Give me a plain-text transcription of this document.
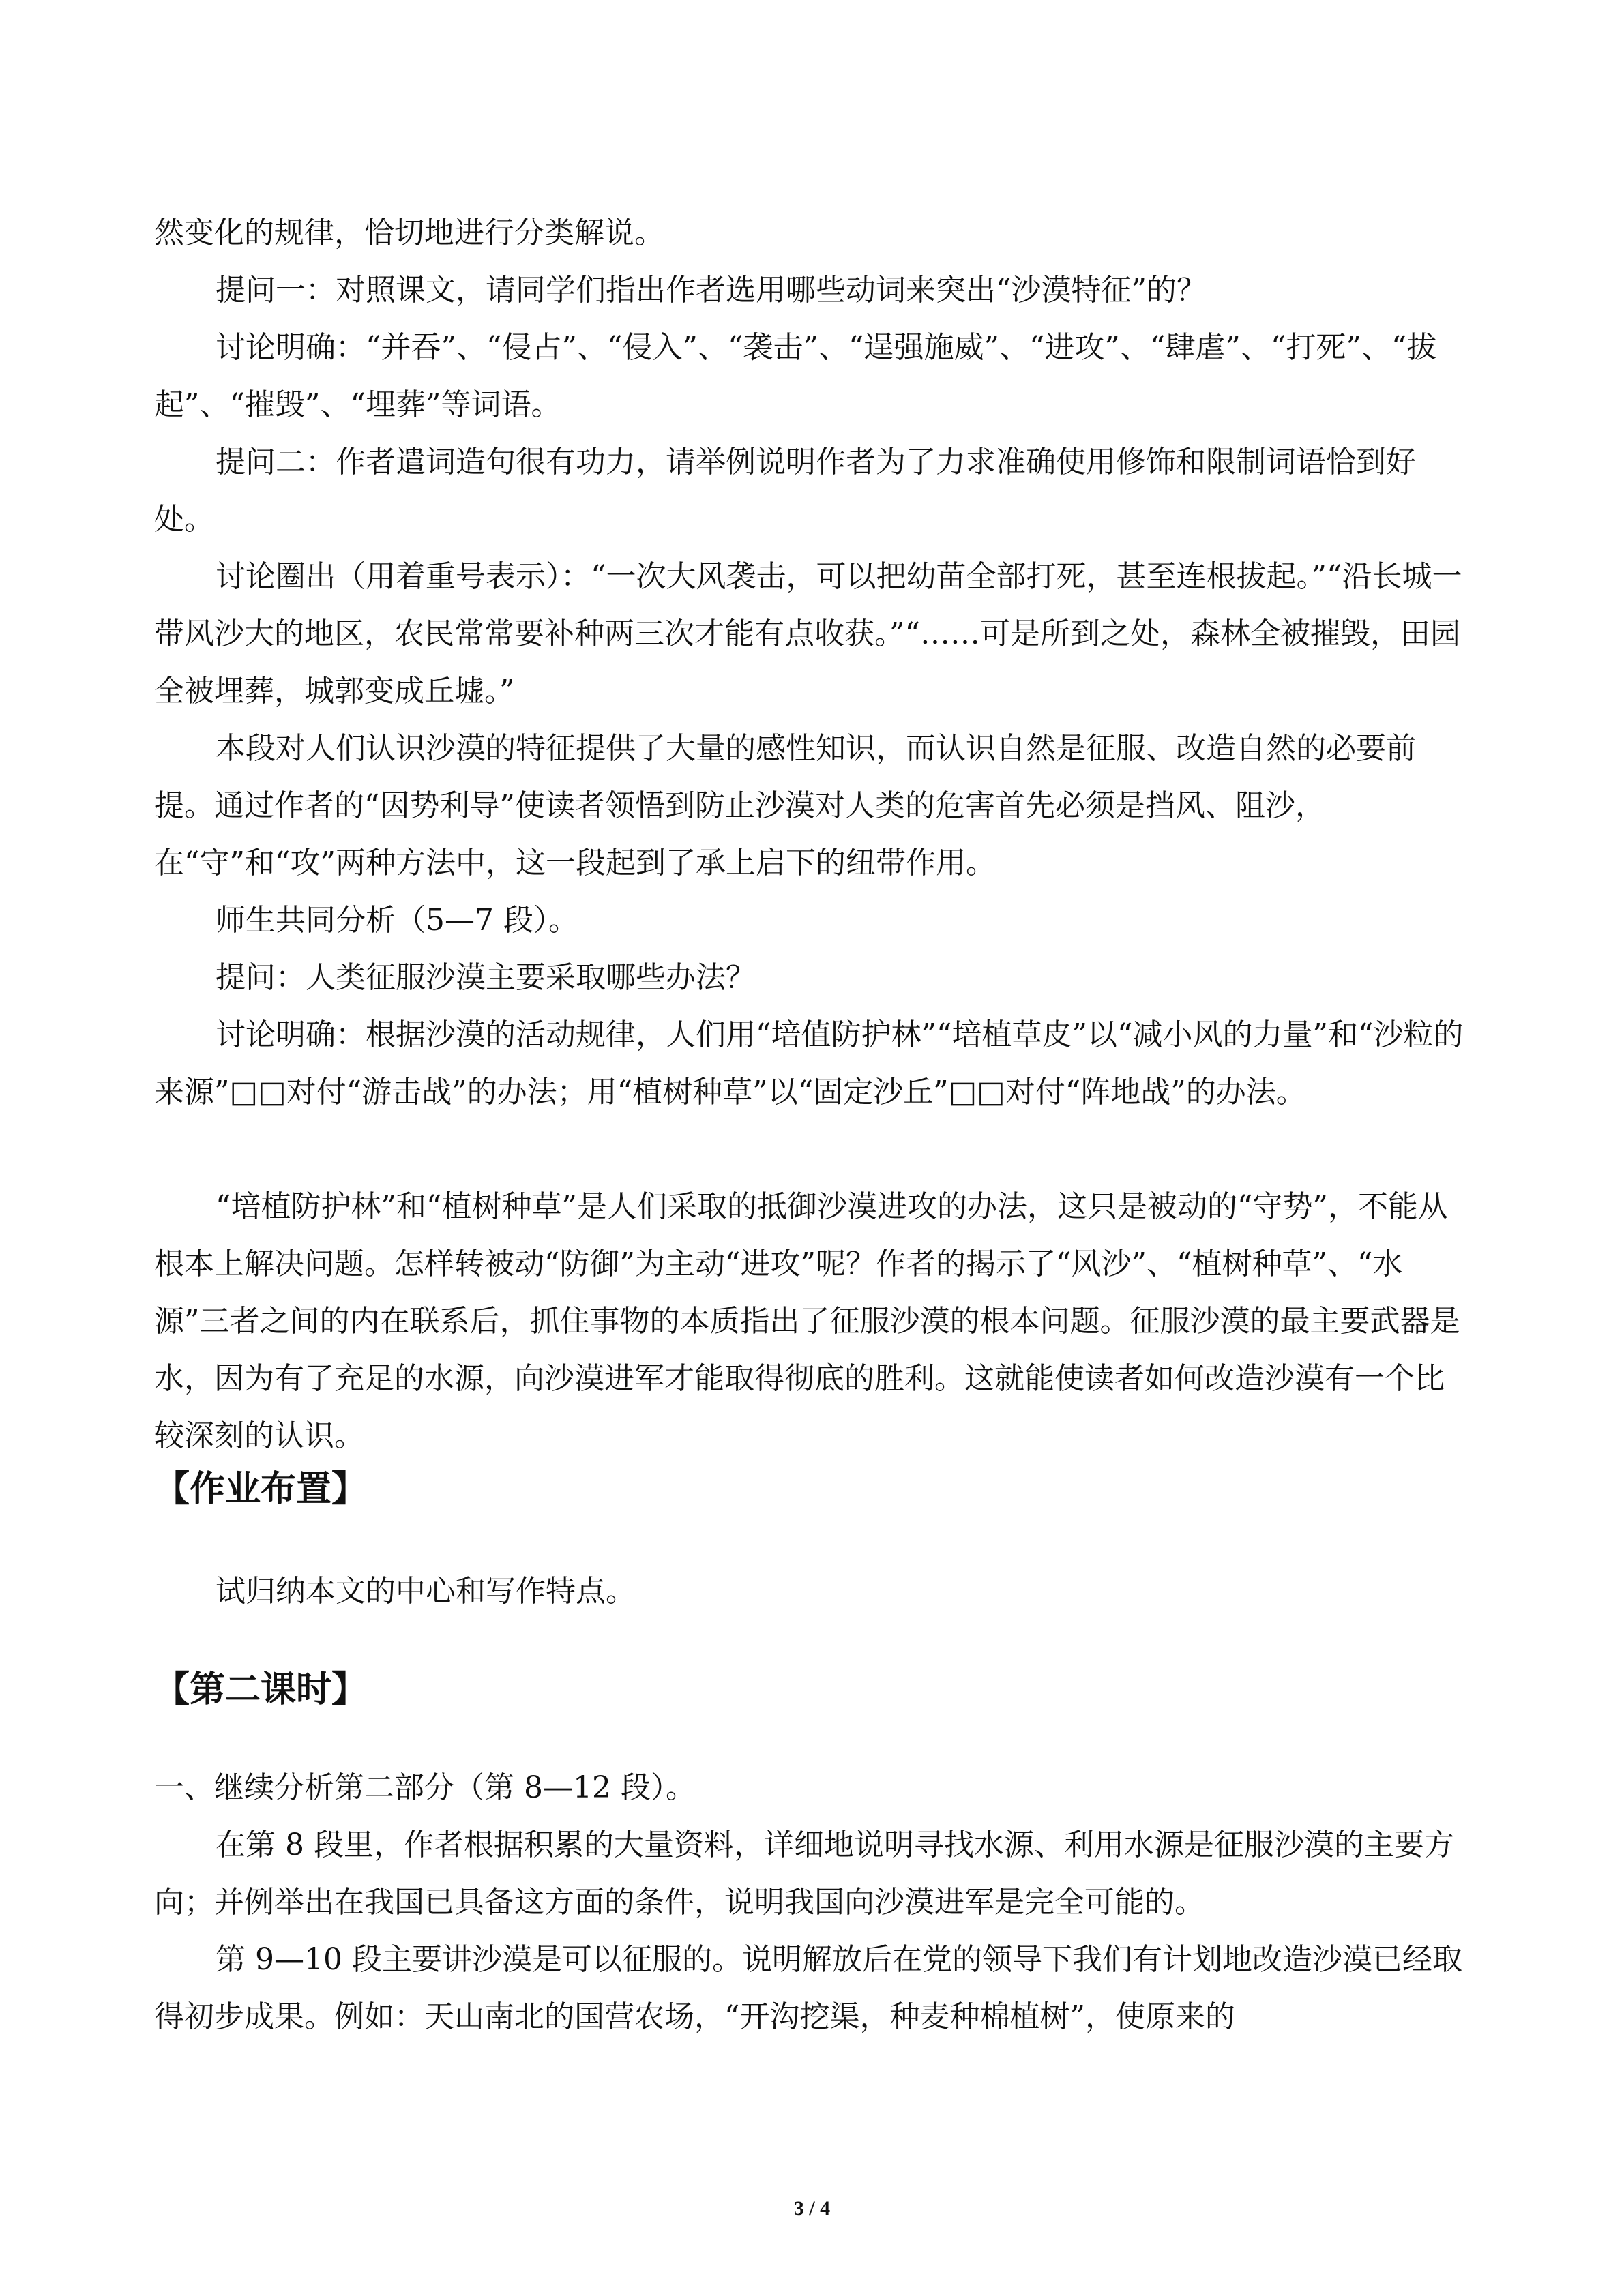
然变化的规律，恰切地进行分类解说。

提问一：对照课文，请同学们指出作者选用哪些动词来突出“沙漠特征”的？

讨论明确：“并吞”、“侵占”、“侵入”、“袭击”、“逞强施威”、“进攻”、“肆虐”、“打死”、“拔起”、“摧毁”、“埋葬”等词语。

提问二：作者遣词造句很有功力，请举例说明作者为了力求准确使用修饰和限制词语恰到好处。

讨论圈出（用着重号表示）：“一次大风袭击，可以把幼苗全部打死，甚至连根拔起。”“沿长城一带风沙大的地区，农民常常要补种两三次才能有点收获。”“……可是所到之处，森林全被摧毁，田园全被埋葬，城郭变成丘墟。”

本段对人们认识沙漠的特征提供了大量的感性知识，而认识自然是征服、改造自然的必要前提。通过作者的“因势利导”使读者领悟到防止沙漠对人类的危害首先必须是挡风、阻沙，在“守”和“攻”两种方法中，这一段起到了承上启下的纽带作用。

师生共同分析（5—7 段）。

提问：人类征服沙漠主要采取哪些办法？

讨论明确：根据沙漠的活动规律，人们用“培值防护林”“培植草皮”以“减小风的力量”和“沙粒的来源”□□对付“游击战”的办法；用“植树种草”以“固定沙丘”□□对付“阵地战”的办法。

“培植防护林”和“植树种草”是人们采取的抵御沙漠进攻的办法，这只是被动的“守势”，不能从根本上解决问题。怎样转被动“防御”为主动“进攻”呢？作者的揭示了“风沙”、“植树种草”、“水源”三者之间的内在联系后，抓住事物的本质指出了征服沙漠的根本问题。征服沙漠的最主要武器是水，因为有了充足的水源，向沙漠进军才能取得彻底的胜利。这就能使读者如何改造沙漠有一个比较深刻的认识。

【作业布置】

试归纳本文的中心和写作特点。

【第二课时】

一、继续分析第二部分（第 8—12 段）。

在第 8 段里，作者根据积累的大量资料，详细地说明寻找水源、利用水源是征服沙漠的主要方向；并例举出在我国已具备这方面的条件，说明我国向沙漠进军是完全可能的。

第 9—10 段主要讲沙漠是可以征服的。说明解放后在党的领导下我们有计划地改造沙漠已经取得初步成果。例如：天山南北的国营农场，“开沟挖渠，种麦种棉植树”，使原来的

3 / 4
